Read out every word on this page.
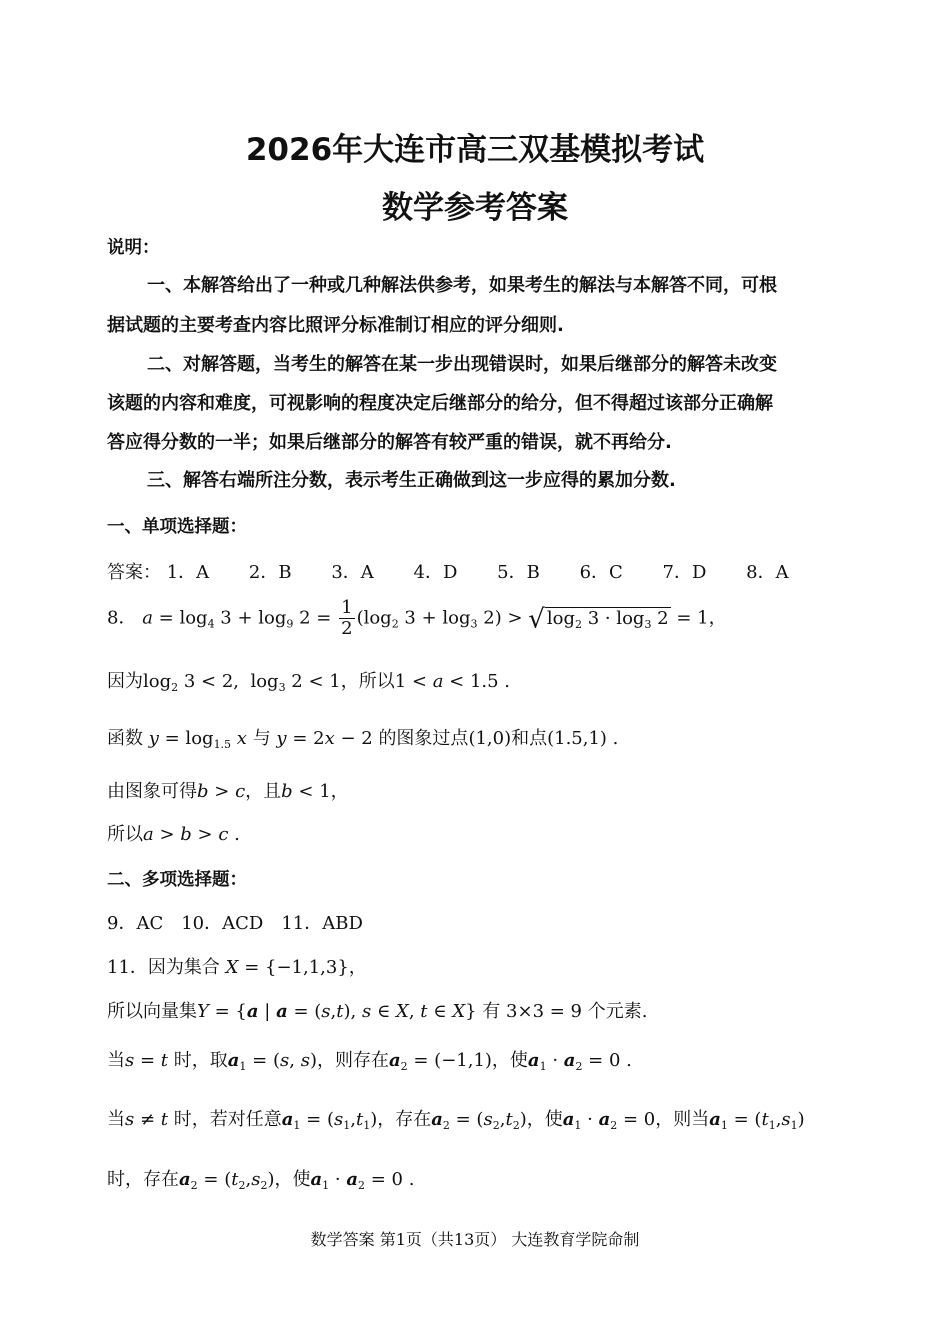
2026年大连市高三双基模拟考试
数学参考答案
说明：
一、本解答给出了一种或几种解法供参考，如果考生的解法与本解答不同，可根
据试题的主要考查内容比照评分标准制订相应的评分细则.
二、对解答题，当考生的解答在某一步出现错误时，如果后继部分的解答未改变
该题的内容和难度，可视影响的程度决定后继部分的给分，但不得超过该部分正确解
答应得分数的一半；如果后继部分的解答有较严重的错误，就不再给分.
三、解答右端所注分数，表示考生正确做到这一步应得的累加分数.
一、单项选择题：
答案： 1．A 2．B 3．A 4．D 5．B 6．C 7．D 8．A
8． $a = \log_4 3 + \log_9 2 = \frac{1}{2} (\log_2$ $3 + \log_3 2$) > √ $\log_2 3 \cdot \log_3 2 = 1$，
因为$\log_2 3 < 2$,  $\log_3 2 < 1$，所以1 < a < 1.5 .
函数 $y = \log_{1.5} x$ 与 y = 2x − 2 的图象过点(1,0)和点(1.5,1) .
由图象可得b > c，且b < 1，
所以a > b > c .
二、多项选择题：
9．AC　10．ACD　11．ABD
11．因为集合 X = {−1,1,3}，
所以向量集Y = {a | a = (s,t), s ∈ X, t ∈ X} 有 3×3 = 9 个元素.
当s = t 时，取$a_1 = (s$, s)，则存在$a_2 = (-1,1)$，使$a_1 \cdot a_2 = 0$ .
当s ≠ t 时，若对任意$a_1 = (s_1,t_1)$，存在$a_2 = (s_2,t_2)$，使$a_1 \cdot a_2 = 0$，则当$a_1 = (t_1,s_1)$
时，存在$a_2 = (t_2,s_2)$，使$a_1 \cdot a_2 = 0$ .
数学答案 第1页（共13页） 大连教育学院命制
